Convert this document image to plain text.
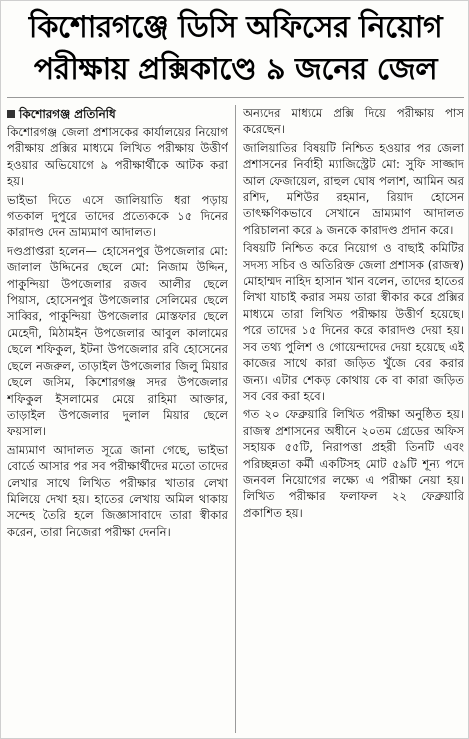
কিশোরগঞ্জে ডিসি অফিসের নিয়োগ
পরীক্ষায় প্রক্সিকাণ্ডে ৯ জনের জেল
কিশোরগঞ্জ প্রতিনিধি

কিশোরগঞ্জ জেলা প্রশাসকের কার্যালয়ের নিয়োগ পরীক্ষায় প্রক্সির মাধ্যমে লিখিত পরীক্ষায় উত্তীর্ণ হওয়ার অভিযোগে ৯ পরীক্ষার্থীকে আটক করা হয়।

ভাইভা দিতে এসে জালিয়াতি ধরা পড়ায় গতকাল দুপুরে তাদের প্রত্যেককে ১৫ দিনের কারাদণ্ড দেন ভ্রাম্যমাণ আদালত।

দণ্ডপ্রাপ্তরা হলেন— হোসেনপুর উপজেলার মো: জালাল উদ্দিনের ছেলে মো: নিজাম উদ্দিন, পাকুন্দিয়া উপজেলার রজব আলীর ছেলে পিয়াস, হোসেনপুর উপজেলার সেলিমের ছেলে সাব্বির, পাকুন্দিয়া উপজেলার মোস্তফার ছেলে মেহেদী, মিঠামইন উপজেলার আবুল কালামের ছেলে শফিকুল, ইটনা উপজেলার রবি হোসেনের ছেলে নজরুল, তাড়াইল উপজেলার জিলু মিয়ার ছেলে জসিম, কিশোরগঞ্জ সদর উপজেলার শফিকুল ইসলামের মেয়ে রাহিমা আক্তার, তাড়াইল উপজেলার দুলাল মিয়ার ছেলে ফয়সাল।

ভ্রাম্যমাণ আদালত সূত্রে জানা গেছে, ভাইভা বোর্ডে আসার পর সব পরীক্ষার্থীদের মতো তাদের লেখার সাথে লিখিত পরীক্ষার খাতার লেখা মিলিয়ে দেখা হয়। হাতের লেখায় অমিল থাকায় সন্দেহ তৈরি হলে জিজ্ঞাসাবাদে তারা স্বীকার করেন, তারা নিজেরা পরীক্ষা দেননি।

অন্যদের মাধ্যমে প্রক্সি দিয়ে পরীক্ষায় পাস করেছেন।

জালিয়াতির বিষয়টি নিশ্চিত হওয়ার পর জেলা প্রশাসনের নির্বাহী ম্যাজিস্ট্রেট মো: সুফি সাজ্জাদ আল ফেজায়েল, রাহুল ঘোষ পলাশ, আমিন অর রশিদ, মশিউর রহমান, রিয়াদ হোসেন তাৎক্ষণিকভাবে সেখানে ভ্রাম্যমাণ আদালত পরিচালনা করে ৯ জনকে কারাদণ্ড প্রদান করে।

বিষয়টি নিশ্চিত করে নিয়োগ ও বাছাই কমিটির সদস্য সচিব ও অতিরিক্ত জেলা প্রশাসক (রাজস্ব) মোহাম্মদ নাহিদ হাসান খান বলেন, তাদের হাতের লিখা যাচাই করার সময় তারা স্বীকার করে প্রক্সির মাধ্যমে তারা লিখিত পরীক্ষায় উত্তীর্ণ হয়েছে। পরে তাদের ১৫ দিনের করে কারাদণ্ড দেয়া হয়। সব তথ্য পুলিশ ও গোয়েন্দাদের দেয়া হয়েছে এই কাজের সাথে কারা জড়িত খুঁজে বের করার জন্য। এটার শেকড় কোথায় কে বা কারা জড়িত সব বের করা হবে।

গত ২০ ফেব্রুয়ারি লিখিত পরীক্ষা অনুষ্ঠিত হয়। রাজস্ব প্রশাসনের অধীনে ২০তম গ্রেডের অফিস সহায়ক ৫৫টি, নিরাপত্তা প্রহরী তিনটি এবং পরিচ্ছন্নতা কর্মী একটিসহ মোট ৫৯টি শূন্য পদে জনবল নিয়োগের লক্ষ্যে এ পরীক্ষা নেয়া হয়। লিখিত পরীক্ষার ফলাফল ২২ ফেব্রুয়ারি প্রকাশিত হয়।
